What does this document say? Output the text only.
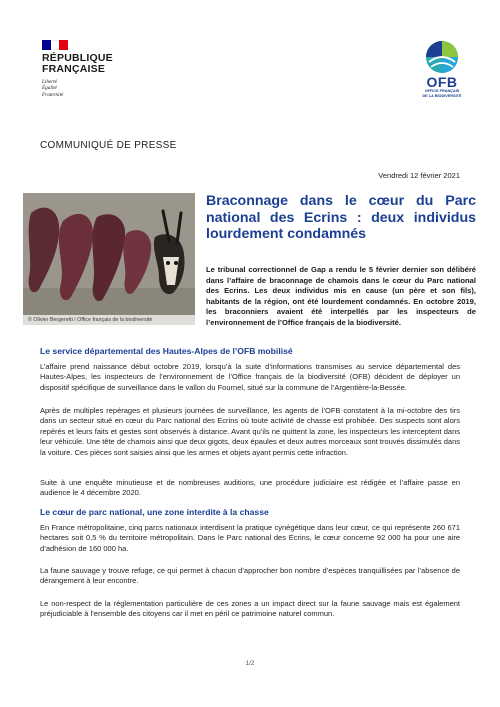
RÉPUBLIQUE
FRANÇAISE
Liberté
Égalité
Fraternité
OFB
OFFICE FRANÇAIS
DE LA BIODIVERSITÉ
COMMUNIQUÉ DE PRESSE
Vendredi 12 février 2021
© Olivier Bergeretti / Office français de la biodiversité
Braconnage dans le cœur du Parc national des Ecrins : deux individus lourdement condamnés
Le tribunal correctionnel de Gap a rendu le 5 février dernier son délibéré dans l’affaire de braconnage de chamois dans le cœur du Parc national des Ecrins. Les deux individus mis en cause (un père et son fils), habitants de la région, ont été lourdement condamnés. En octobre 2019, les braconniers avaient été interpellés par les inspecteurs de l’environnement de l’Office français de la biodiversité.
Le service départemental des Hautes-Alpes de l’OFB mobilisé
L’affaire prend naissance début octobre 2019, lorsqu’à la suite d’informations transmises au service départemental des Hautes-Alpes, les inspecteurs de l’environnement de l’Office français de la biodiversité (OFB) décident de déployer un dispositif spécifique de surveillance dans le vallon du Fournel, situé sur la commune de l’Argentière-la-Bessée.
Après de multiples repérages et plusieurs journées de surveillance, les agents de l’OFB constatent à la mi-octobre des tirs dans un secteur situé en cœur du Parc national des Ecrins où toute activité de chasse est prohibée. Des suspects sont alors repérés et leurs faits et gestes sont observés à distance. Avant qu’ils ne quittent la zone, les inspecteurs les interceptent dans leur véhicule. Une tête de chamois ainsi que deux gigots, deux épaules et deux autres morceaux sont trouvés dissimulés dans la voiture. Ces pièces sont saisies ainsi que les armes et objets ayant permis cette infraction.
Suite à une enquête minutieuse et de nombreuses auditions, une procédure judiciaire est rédigée et l’affaire passe en audience le 4 décembre 2020.
Le cœur de parc national, une zone interdite à la chasse
En France métropolitaine, cinq parcs nationaux interdisent la pratique cynégétique dans leur cœur, ce qui représente 260 671 hectares soit 0,5 % du territoire métropolitain. Dans le Parc national des Ecrins, le cœur concerne 92 000 ha pour une aire d’adhésion de 160 000 ha.
La faune sauvage y trouve refuge, ce qui permet à chacun d’approcher bon nombre d’espèces tranquillisées par l’absence de dérangement à leur encontre.
Le non-respect de la réglementation particulière de ces zones a un impact direct sur la faune sauvage mais est également préjudiciable à l’ensemble des citoyens car il met en péril ce patrimoine naturel commun.
1/2
